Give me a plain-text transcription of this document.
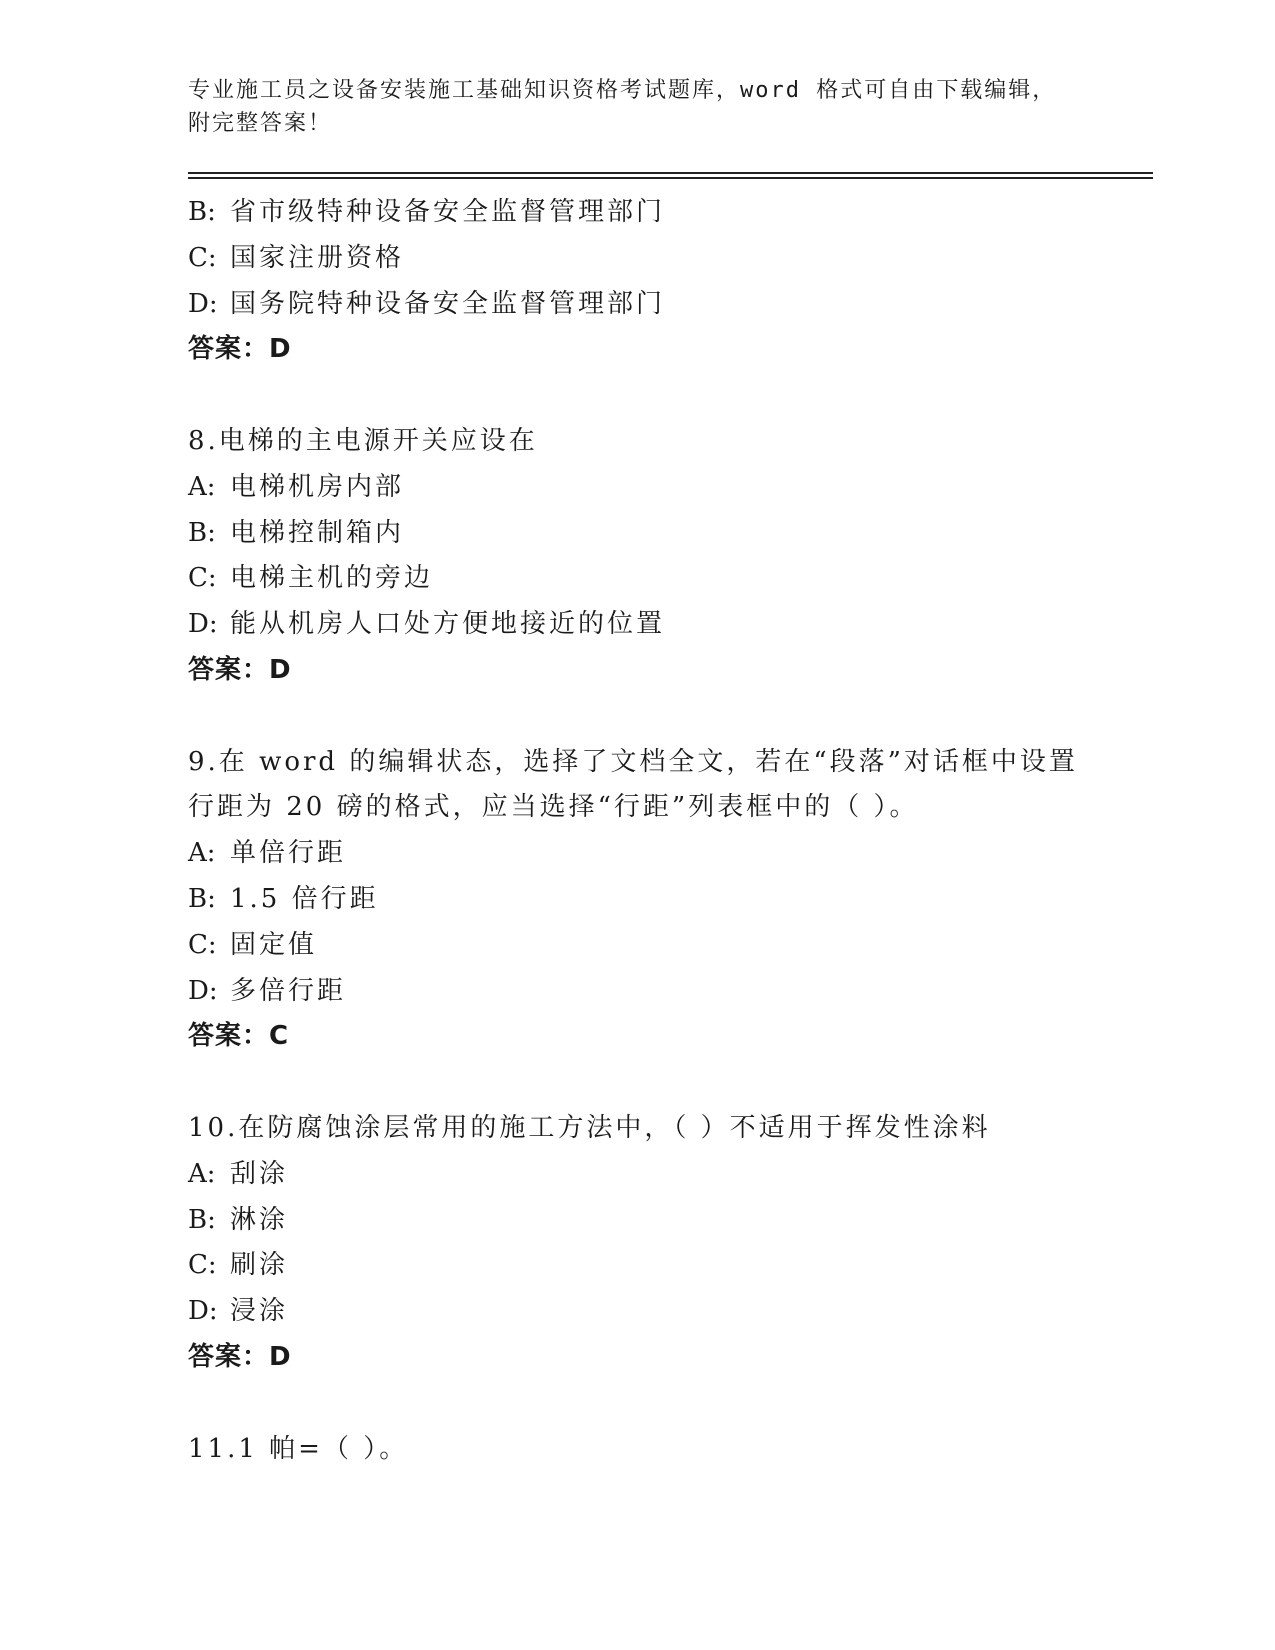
专业施工员之设备安装施工基础知识资格考试题库，word 格式可自由下载编辑，
附完整答案！
B: 省市级特种设备安全监督管理部门
C: 国家注册资格
D: 国务院特种设备安全监督管理部门
答案：D
8.电梯的主电源开关应设在
A: 电梯机房内部
B: 电梯控制箱内
C: 电梯主机的旁边
D: 能从机房人口处方便地接近的位置
答案：D
9.在 word 的编辑状态，选择了文档全文，若在“段落”对话框中设置
行距为 20 磅的格式，应当选择“行距”列表框中的（ ）。
A: 单倍行距
B: 1.5 倍行距
C: 固定值
D: 多倍行距
答案：C
10.在防腐蚀涂层常用的施工方法中，（ ）不适用于挥发性涂料
A: 刮涂
B: 淋涂
C: 刷涂
D: 浸涂
答案：D
11.1 帕=（ ）。
